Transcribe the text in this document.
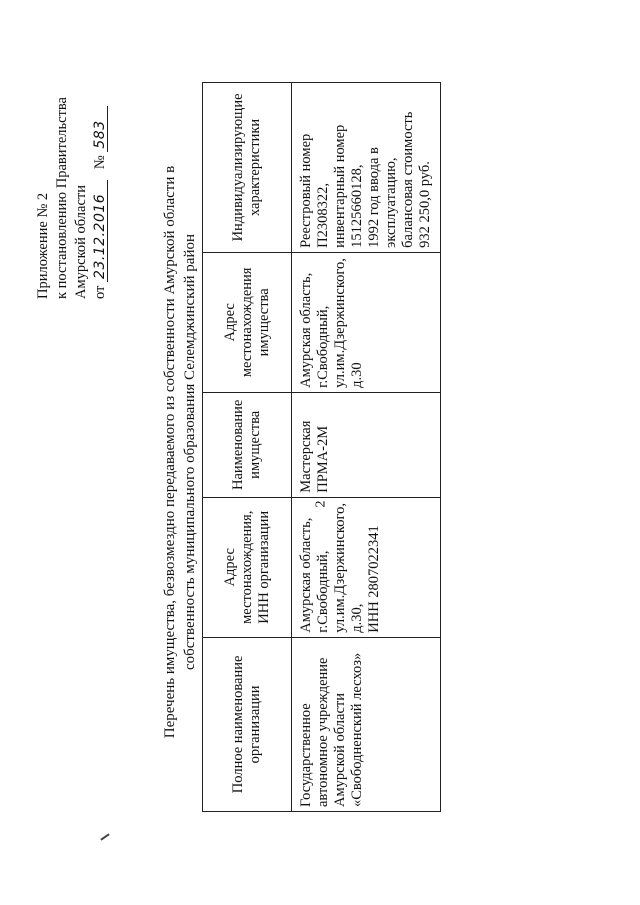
2
Приложение № 2 к постановлению Правительства Амурской области от 23.12.2016   № 583
Перечень имущества, безвозмездно передаваемого из собственности Амурской области в собственность муниципального образования Селемджинский район
Полное наименование организации	Адрес местонахождения, ИНН организации	Наименование имущества	Адрес местонахождения имущества	Индивидуализирующие характеристики

Государственное автономное учреждение Амурской области «Свободненский лесхоз»	Амурская область, г.Свободный, ул.им.Дзержинского, д.30, ИНН 2807022341	Мастерская ПРМА-2М	Амурская область, г.Свободный, ул.им.Дзержинского, д.30	Реестровый номер П2308322, инвентарный номер 15125660128, 1992 год ввода в эксплуатацию, балансовая стоимость 932 250,0 руб.
